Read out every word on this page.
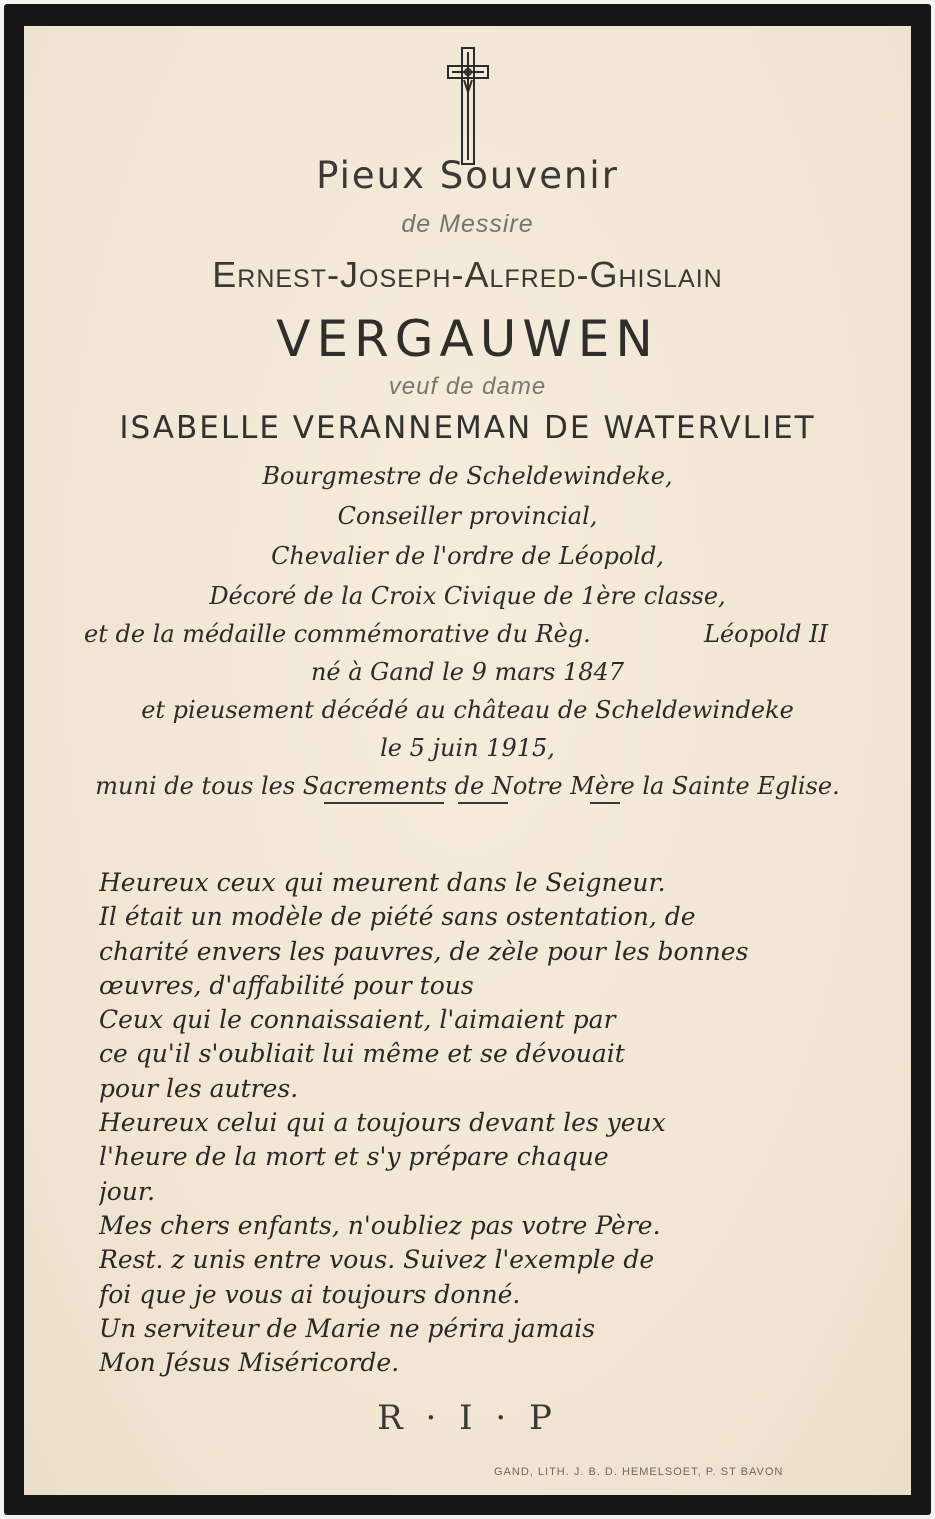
Pieux Souvenir

de Messire

Ernest-Joseph-Alfred-Ghislain

VERGAUWEN

veuf de dame

ISABELLE VERANNEMAN DE WATERVLIET

Bourgmestre de Scheldewindeke,

Conseiller provincial,

Chevalier de l'ordre de Léopold,

Décoré de la Croix Civique de 1ère classe,

et de la médaille commémorative du Règ.	Léopold II

né à Gand le 9 mars 1847

et pieusement décédé au château de Scheldewindeke

le 5 juin 1915,

muni de tous les Sacrements de Notre Mère la Sainte Eglise.

Heureux ceux qui meurent dans le Seigneur.
Il était un modèle de piété sans ostentation, de
charité envers les pauvres, de zèle pour les bonnes
œuvres, d'affabilité pour tous
Ceux qui le connaissaient, l'aimaient par
ce qu'il s'oubliait lui même et se dévouait
pour les autres.
Heureux celui qui a toujours devant les yeux
l'heure de la mort et s'y prépare chaque
jour.
Mes chers enfants, n'oubliez pas votre Père.
Rest. z unis entre vous. Suivez l'exemple de
foi que je vous ai toujours donné.
Un serviteur de Marie ne périra jamais
Mon Jésus Miséricorde.

R · I · P

GAND, LITH. J. B. D. HEMELSOET, P. ST BAVON
